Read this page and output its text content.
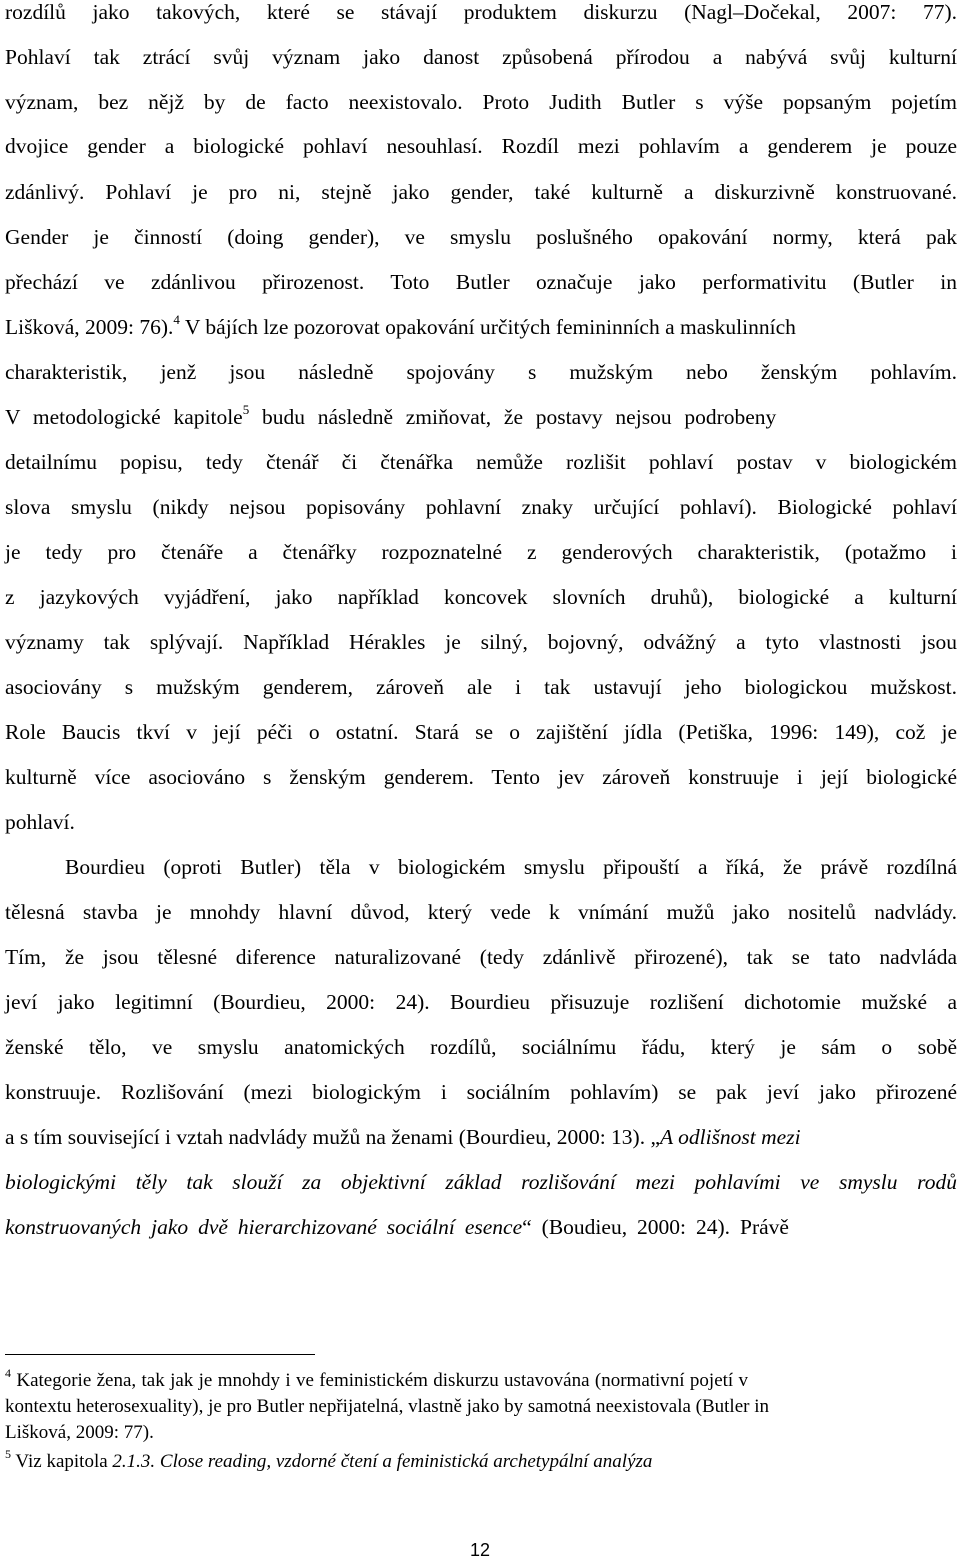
rozdílů jako takových, které se stávají produktem diskurzu (Nagl–Dočekal, 2007: 77).
Pohlaví tak ztrácí svůj význam jako danost způsobená přírodou a nabývá svůj kulturní
význam, bez nějž by de facto neexistovalo. Proto Judith Butler s výše popsaným pojetím
dvojice gender a biologické pohlaví nesouhlasí. Rozdíl mezi pohlavím a genderem je pouze
zdánlivý. Pohlaví je pro ni, stejně jako gender, také kulturně a diskurzivně konstruované.
Gender je činností (doing gender), ve smyslu poslušného opakování normy, která pak
přechází ve zdánlivou přirozenost. Toto Butler označuje jako performativitu (Butler in
Lišková, 2009: 76).$^4$ V bájích lze pozorovat opakování určitých femininních a maskulinních
charakteristik, jenž jsou následně spojovány s mužským nebo ženským pohlavím.
V metodologické kapitole$^5$ budu následně zmiňovat, že postavy nejsou podrobeny
detailnímu popisu, tedy čtenář či čtenářka nemůže rozlišit pohlaví postav v biologickém
slova smyslu (nikdy nejsou popisovány pohlavní znaky určující pohlaví). Biologické pohlaví
je tedy pro čtenáře a čtenářky rozpoznatelné z genderových charakteristik, (potažmo i
z jazykových vyjádření, jako například koncovek slovních druhů), biologické a kulturní
významy tak splývají. Například Hérakles je silný, bojovný, odvážný a tyto vlastnosti jsou
asociovány s mužským genderem, zároveň ale i tak ustavují jeho biologickou mužskost.
Role Baucis tkví v její péči o ostatní. Stará se o zajištění jídla (Petiška, 1996: 149), což je
kulturně více asociováno s ženským genderem. Tento jev zároveň konstruuje i její biologické
pohlaví.
Bourdieu (oproti Butler) těla v biologickém smyslu připouští a říká, že právě rozdílná
tělesná stavba je mnohdy hlavní důvod, který vede k vnímání mužů jako nositelů nadvlády.
Tím, že jsou tělesné diference naturalizované (tedy zdánlivě přirozené), tak se tato nadvláda
jeví jako legitimní (Bourdieu, 2000: 24). Bourdieu přisuzuje rozlišení dichotomie mužské a
ženské tělo, ve smyslu anatomických rozdílů, sociálnímu řádu, který je sám o sobě
konstruuje. Rozlišování (mezi biologickým i sociálním pohlavím) se pak jeví jako přirozené
a s tím související i vztah nadvlády mužů na ženami (Bourdieu, 2000: 13). „A odlišnost mezi
biologickými těly tak slouží za objektivní základ rozlišování mezi pohlavími ve smyslu rodů
konstruovaných jako dvě hierarchizované sociální esence“ (Boudieu, 2000: 24). Právě
$^4$ Kategorie žena, tak jak je mnohdy i ve feministickém diskurzu ustavována (normativní pojetí v
kontextu heterosexuality), je pro Butler nepřijatelná, vlastně jako by samotná neexistovala (Butler in
Lišková, 2009: 77).
$^5$ Viz kapitola 2.1.3. Close reading, vzdorné čtení a feministická archetypální analýza
12
